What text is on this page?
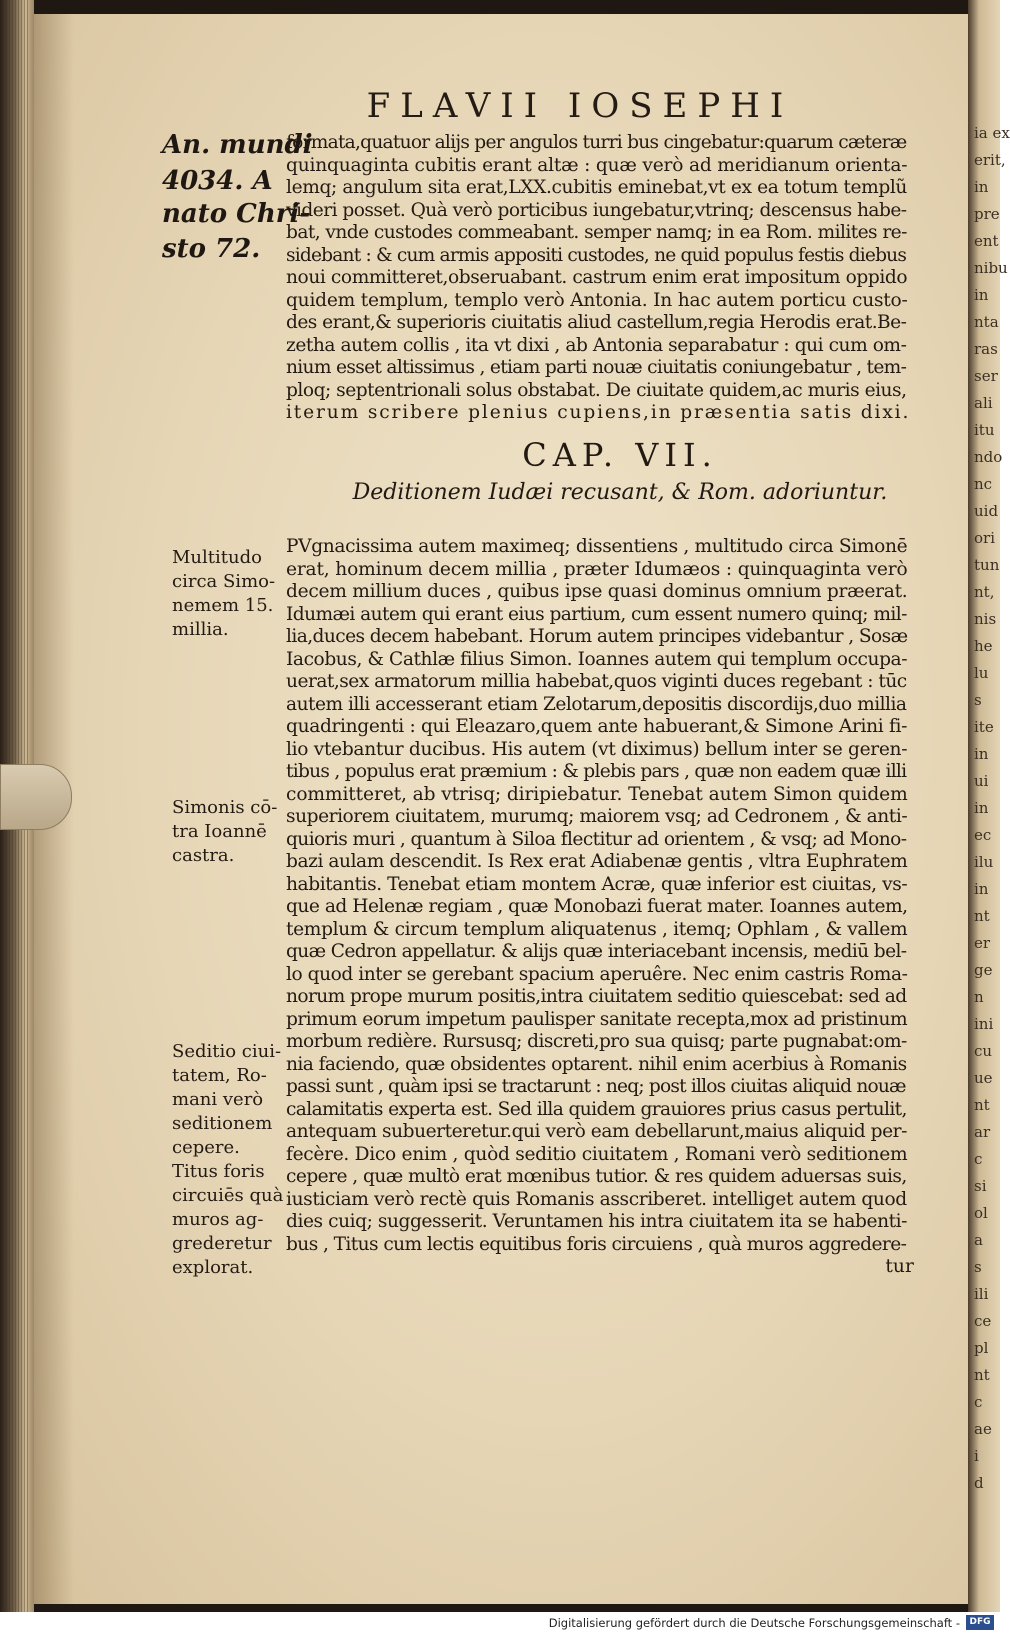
ia ex
erit,
in
pre
ent
nibu
in
nta
ras
ser
ali
itu
ndo
nc
uid
ori
tun
nt,
nis
he
lu
s
ite
in
ui
in
ec
ilu
in
nt
er
ge
n
ini
cu
ue
nt
ar
c
si
ol
a
s
ili
ce
pl
nt
c
ae
i
d
FLAVII IOSEPHI
An. mundi
4034. A
nato Chri-
sto 72.
formata,quatuor alijs per angulos turri bus cingebatur:quarum cæteræ
quinquaginta cubitis erant altæ : quæ verò ad meridianum orienta-
lemq; angulum sita erat,LXX.cubitis eminebat,vt ex ea totum templũ
videri posset. Quà verò porticibus iungebatur,vtrinq; descensus habe-
bat, vnde custodes commeabant. semper namq; in ea Rom. milites re-
sidebant : & cum armis appositi custodes, ne quid populus festis diebus
noui committeret,obseruabant. castrum enim erat impositum oppido
quidem templum, templo verò Antonia. In hac autem porticu custo-
des erant,& superioris ciuitatis aliud castellum,regia Herodis erat.Be-
zetha autem collis , ita vt dixi , ab Antonia separabatur : qui cum om-
nium esset altissimus , etiam parti nouæ ciuitatis coniungebatur , tem-
ploq; septentrionali solus obstabat. De ciuitate quidem,ac muris eius,
iterum scribere plenius cupiens,in præsentia satis dixi.
CAP. VII.
Deditionem Iudæi recusant, & Rom. adoriuntur.
Multitudo
circa Simo-
nemem 15.
millia.
Simonis cō-
tra Ioannē
castra.
Seditio ciui-
tatem, Ro-
mani verò
seditionem
cepere.
Titus foris
circuiēs quà
muros ag-
grederetur
explorat.
PVgnacissima autem maximeq; dissentiens , multitudo circa Simonē
erat, hominum decem millia , præter Idumæos : quinquaginta verò
decem millium duces , quibus ipse quasi dominus omnium præerat.
Idumæi autem qui erant eius partium, cum essent numero quinq; mil-
lia,duces decem habebant. Horum autem principes videbantur , Sosæ
Iacobus, & Cathlæ filius Simon. Ioannes autem qui templum occupa-
uerat,sex armatorum millia habebat,quos viginti duces regebant : tūc
autem illi accesserant etiam Zelotarum,depositis discordijs,duo millia
quadringenti : qui Eleazaro,quem ante habuerant,& Simone Arini fi-
lio vtebantur ducibus. His autem (vt diximus) bellum inter se geren-
tibus , populus erat præmium : & plebis pars , quæ non eadem quæ illi
committeret, ab vtrisq; diripiebatur. Tenebat autem Simon quidem
superiorem ciuitatem, murumq; maiorem vsq; ad Cedronem , & anti-
quioris muri , quantum à Siloa flectitur ad orientem , & vsq; ad Mono-
bazi aulam descendit. Is Rex erat Adiabenæ gentis , vltra Euphratem
habitantis. Tenebat etiam montem Acræ, quæ inferior est ciuitas, vs-
que ad Helenæ regiam , quæ Monobazi fuerat mater. Ioannes autem,
templum & circum templum aliquatenus , itemq; Ophlam , & vallem
quæ Cedron appellatur. & alijs quæ interiacebant incensis, mediū bel-
lo quod inter se gerebant spacium aperuêre. Nec enim castris Roma-
norum prope murum positis,intra ciuitatem seditio quiescebat: sed ad
primum eorum impetum paulisper sanitate recepta,mox ad pristinum
morbum redière. Rursusq; discreti,pro sua quisq; parte pugnabat:om-
nia faciendo, quæ obsidentes optarent. nihil enim acerbius à Romanis
passi sunt , quàm ipsi se tractarunt : neq; post illos ciuitas aliquid nouæ
calamitatis experta est. Sed illa quidem grauiores prius casus pertulit,
antequam subuerteretur.qui verò eam debellarunt,maius aliquid per-
fecère. Dico enim , quòd seditio ciuitatem , Romani verò seditionem
cepere , quæ multò erat mœnibus tutior. & res quidem aduersas suis,
iusticiam verò rectè quis Romanis asscriberet. intelliget autem quod
dies cuiq; suggesserit. Veruntamen his intra ciuitatem ita se habenti-
bus , Titus cum lectis equitibus foris circuiens , quà muros aggredere-
tur
Digitalisierung gefördert durch die Deutsche Forschungsgemeinschaft -	DFG
